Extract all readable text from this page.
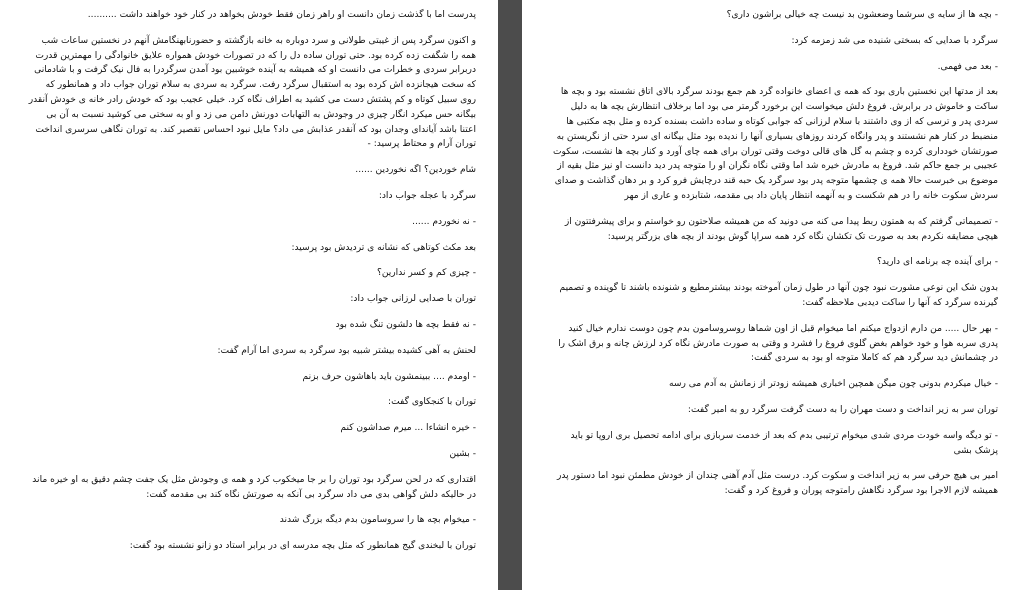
پدرست اما با گذشت زمان دانست او راهر زمان فقط خودش بخواهد در کنار خود خواهند داشت ..........

و اکنون سرگرد پس از غیبتی طولانی و سرد دوباره به خانه بازگشته و حضورنابهنگامش آنهم در نخستین ساعات شب همه را شگفت زده کرده بود. حتی توران ساده دل را که در تصورات خودش همواره علایق خانوادگی را مهمترین قدرت دربرابر سردی و خطرات می دانست او که همیشه به آینده خوشبین بود آمدن سرگردرا به فال نیک گرفت و با شادمانی که سخت هیجانزده اش کرده بود به استقبال سرگرد رفت. سرگرد به سردی به سلام توران جواب داد و همانطور که روی سبیل کوتاه و کم پشتش دست می کشید به اطراف نگاه کرد. خیلی عجیب بود که خودش رادر خانه ی خودش آنقدر بیگانه حس میکرد انگار چیزی در وجودش به التهابات دورنش دامن می زد و او به سختی می کوشید نسبت به آن بی اعتنا باشد آیاندای وجدان بود که آنقدر عذابش می داد؟ مایل نبود احساس تقصیر کند. به توران نگاهی سرسری انداخت توران آرام و محتاط پرسید: -

شام خوردین؟ اگه نخوردین ......

سرگرد با عجله جواب داد:

- نه نخوردم ......

بعد مکث کوتاهی که نشانه ی تردیدش بود پرسید:

- چیزی کم و کسر ندارین؟

توران با صدایی لرزانی جواب داد:

- نه فقط بچه ها دلشون تنگ شده بود

لحنش به آهی کشیده بیشتر شبیه بود سرگرد به سردی اما آرام گفت:

- اومدم .... ببینمشون باید باهاشون حرف بزنم

توران با کنجکاوی گفت:

- خیره انشاءا ... میرم صداشون کنم

- بشین

اقتداری که در لحن سرگرد بود توران را بر جا میخکوب کرد و همه ی وجودش مثل یک جفت چشم دقیق به او خیره ماند در حالیکه دلش گواهی بدی می داد سرگرد بی آنکه به صورتش نگاه کند بی مقدمه گفت:

- میخوام بچه ها را سروسامون بدم دیگه بزرگ شدند

توران با لبخندی گیج همانطور که مثل بچه مدرسه ای در برابر استاد دو زانو نشسته بود گفت:

- بچه ها از سایه ی سرشما وضعشون بد نیست چه خیالی براشون داری؟

سرگرد با صدایی که بسختی شنیده می شد زمزمه کرد:

- بعد می فهمی.

بعد از مدتها این نخستین باری بود که همه ی اعضای خانواده گرد هم جمع بودند سرگرد بالای اتاق نشسته بود و بچه ها ساکت و خاموش در برابرش. فروغ دلش میخواست این برخورد گرمتر می بود اما برخلاف انتظارش بچه ها به دلیل سردی پدر و ترسی که از وی داشتند با سلام لرزانی که جوابی کوتاه و ساده داشت بسنده کرده و مثل بچه مکتبی ها منضبط در کنار هم نشستند و پدر وانگاه کردند روزهای بسیاری آنها را ندیده بود مثل بیگانه ای سرد حتی از نگریستن به صورتشان خودداری کرده و چشم به گل های قالی دوخت وقتی توران برای همه چای آورد و کنار بچه ها نشست، سکوت عجیبی بر جمع حاکم شد. فروغ به مادرش خیره شد اما وقتی نگاه نگران او را متوجه پدر دید دانست او نیز مثل بقیه از موضوع بی خبرست حالا همه ی چشمها متوجه پدر بود سرگرد یک حبه قند درچایش فرو کرد و بر دهان گذاشت و صدای سردش سکوت خانه را در هم شکست و به آنهمه انتظار پایان داد بی مقدمه، شتابزده و عاری از مهر

- تصمیماتی گرفتم که به همتون ربط پیدا می کنه می دونید که من همیشه صلاحتون رو خواستم و برای پیشرفتتون از هیچی مضایقه نکردم بعد به صورت تک تکشان نگاه کرد همه سراپا گوش بودند از بچه های بزرگتر پرسید:

- برای آینده چه برنامه ای دارید؟

بدون شک این نوعی مشورت نبود چون آنها در طول زمان آموخته بودند بیشترمطیع و شنونده باشند تا گوینده و تصمیم گیرنده سرگرد که آنها را ساکت دیدبی ملاحظه گفت:

- بهر حال ..... من دارم ازدواج میکنم اما میخوام قبل از اون شماها روسروسامون بدم چون دوست ندارم خیال کنید پدری سربه هوا و خود خواهم بغض گلوی فروغ را فشرد و وقتی به صورت مادرش نگاه کرد لرزش چانه و برق اشک را در چشمانش دید سرگرد هم که کاملا متوجه او بود به سردی گفت:

- خیال میکردم بدونی چون میگن همچین اخباری همیشه زودتر از زمانش به آدم می رسه

توران سر به زیر انداخت و دست مهران را به دست گرفت سرگرد رو به امیر گفت:

- تو دیگه واسه خودت مردی شدی میخوام ترتیبی بدم که بعد از خدمت سربازی برای ادامه تحصیل بری اروپا تو باید پزشک بشی

امیر بی هیچ حرفی سر به زیر انداخت و سکوت کرد. درست مثل آدم آهنی چندان از خودش مطمئن نبود اما دستور پدر همیشه لازم الاجرا بود سرگرد نگاهش رامتوجه پوران و فروغ کرد و گفت:
